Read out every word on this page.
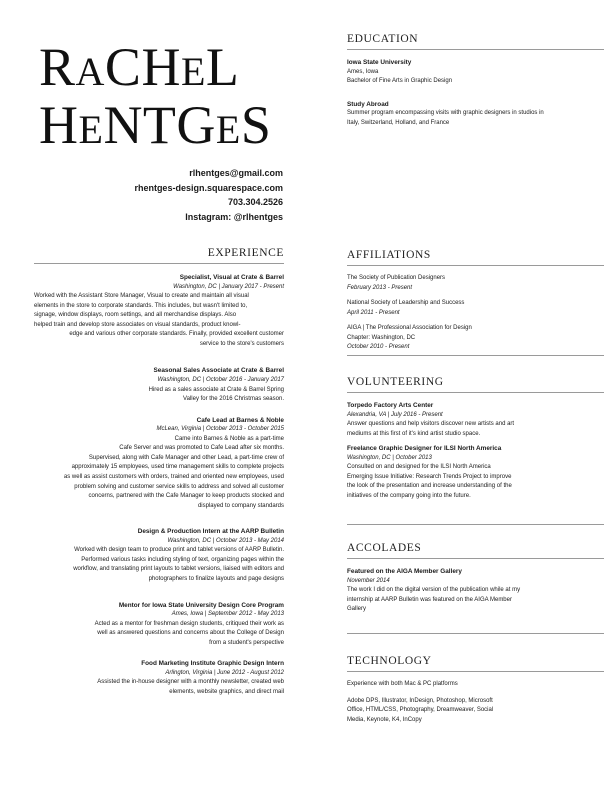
RACHEL
HENTGES
rlhentges@gmail.com
rhentges-design.squarespace.com
703.304.2526
Instagram: @rlhentges
EXPERIENCE
Specialist, Visual at Crate & Barrel
Washington, DC | January 2017 - Present
Worked with the Assistant Store Manager, Visual to create and maintain all visual
elements in the store to corporate standards. This includes, but wasn't limited to,
signage, window displays, room settings, and all merchandise displays. Also
helped train and develop store associates on visual standards, product knowl-
edge and various other corporate standards. Finally, provided excellent customer
service to the store's customers
Seasonal Sales Associate at Crate & Barrel
Washington, DC | October 2016 - January 2017
Hired as a sales associate at Crate & Barrel Spring
Valley for the 2016 Christmas season.
Cafe Lead at Barnes & Noble
McLean, Virginia | October 2013 - October 2015
Came into Barnes & Noble as a part-time
Cafe Server and was promoted to Cafe Lead after six months.
Supervised, along with Cafe Manager and other Lead, a part-time crew of
approximately 15 employees, used time management skills to complete projects
as well as assist customers with orders, trained and oriented new employees, used
problem solving and customer service skills to address and solved all customer
concerns, partnered with the Cafe Manager to keep products stocked and
displayed to company standards
Design & Production Intern at the AARP Bulletin
Washington, DC | October 2013 - May 2014
Worked with design team to produce print and tablet versions of AARP Bulletin.
Performed various tasks including styling of text, organizing pages within the
workflow, and translating print layouts to tablet versions, liaised with editors and
photographers to finalize layouts and page designs
Mentor for Iowa State University Design Core Program
Ames, Iowa | September 2012 - May 2013
Acted as a mentor for freshman design students, critiqued their work as
well as answered questions and concerns about the College of Design
from a student's perspective
Food Marketing Institute Graphic Design Intern
Arlington, Virginia | June 2012 - August 2012
Assisted the in-house designer with a monthly newsletter, created web
elements, website graphics, and direct mail
EDUCATION
Iowa State University
Ames, Iowa
Bachelor of Fine Arts in Graphic Design
Study Abroad
Summer program encompassing visits with graphic designers in studios in
Italy, Switzerland, Holland, and France
AFFILIATIONS
The Society of Publication Designers
February 2013 - Present
National Society of Leadership and Success
April 2011 - Present
AIGA | The Professional Association for Design
Chapter: Washington, DC
October 2010 - Present
VOLUNTEERING
Torpedo Factory Arts Center
Alexandria, VA | July 2016 - Present
Answer questions and help visitors discover new artists and art
mediums at this first of it's kind artist studio space.
Freelance Graphic Designer for ILSI North America
Washington, DC | October 2013
Consulted on and designed for the ILSI North America
Emerging Issue Initiative: Research Trends Project to improve
the look of the presentation and increase understanding of the
initiatives of the company going into the future.
ACCOLADES
Featured on the AIGA Member Gallery
November 2014
The work I did on the digital version of the publication while at my
internship at AARP Bulletin was featured on the AIGA Member
Gallery
TECHNOLOGY
Experience with both Mac & PC platforms
Adobe DPS, Illustrator, InDesign, Photoshop, Microsoft
Office, HTML/CSS, Photography, Dreamweaver, Social
Media, Keynote, K4, InCopy
